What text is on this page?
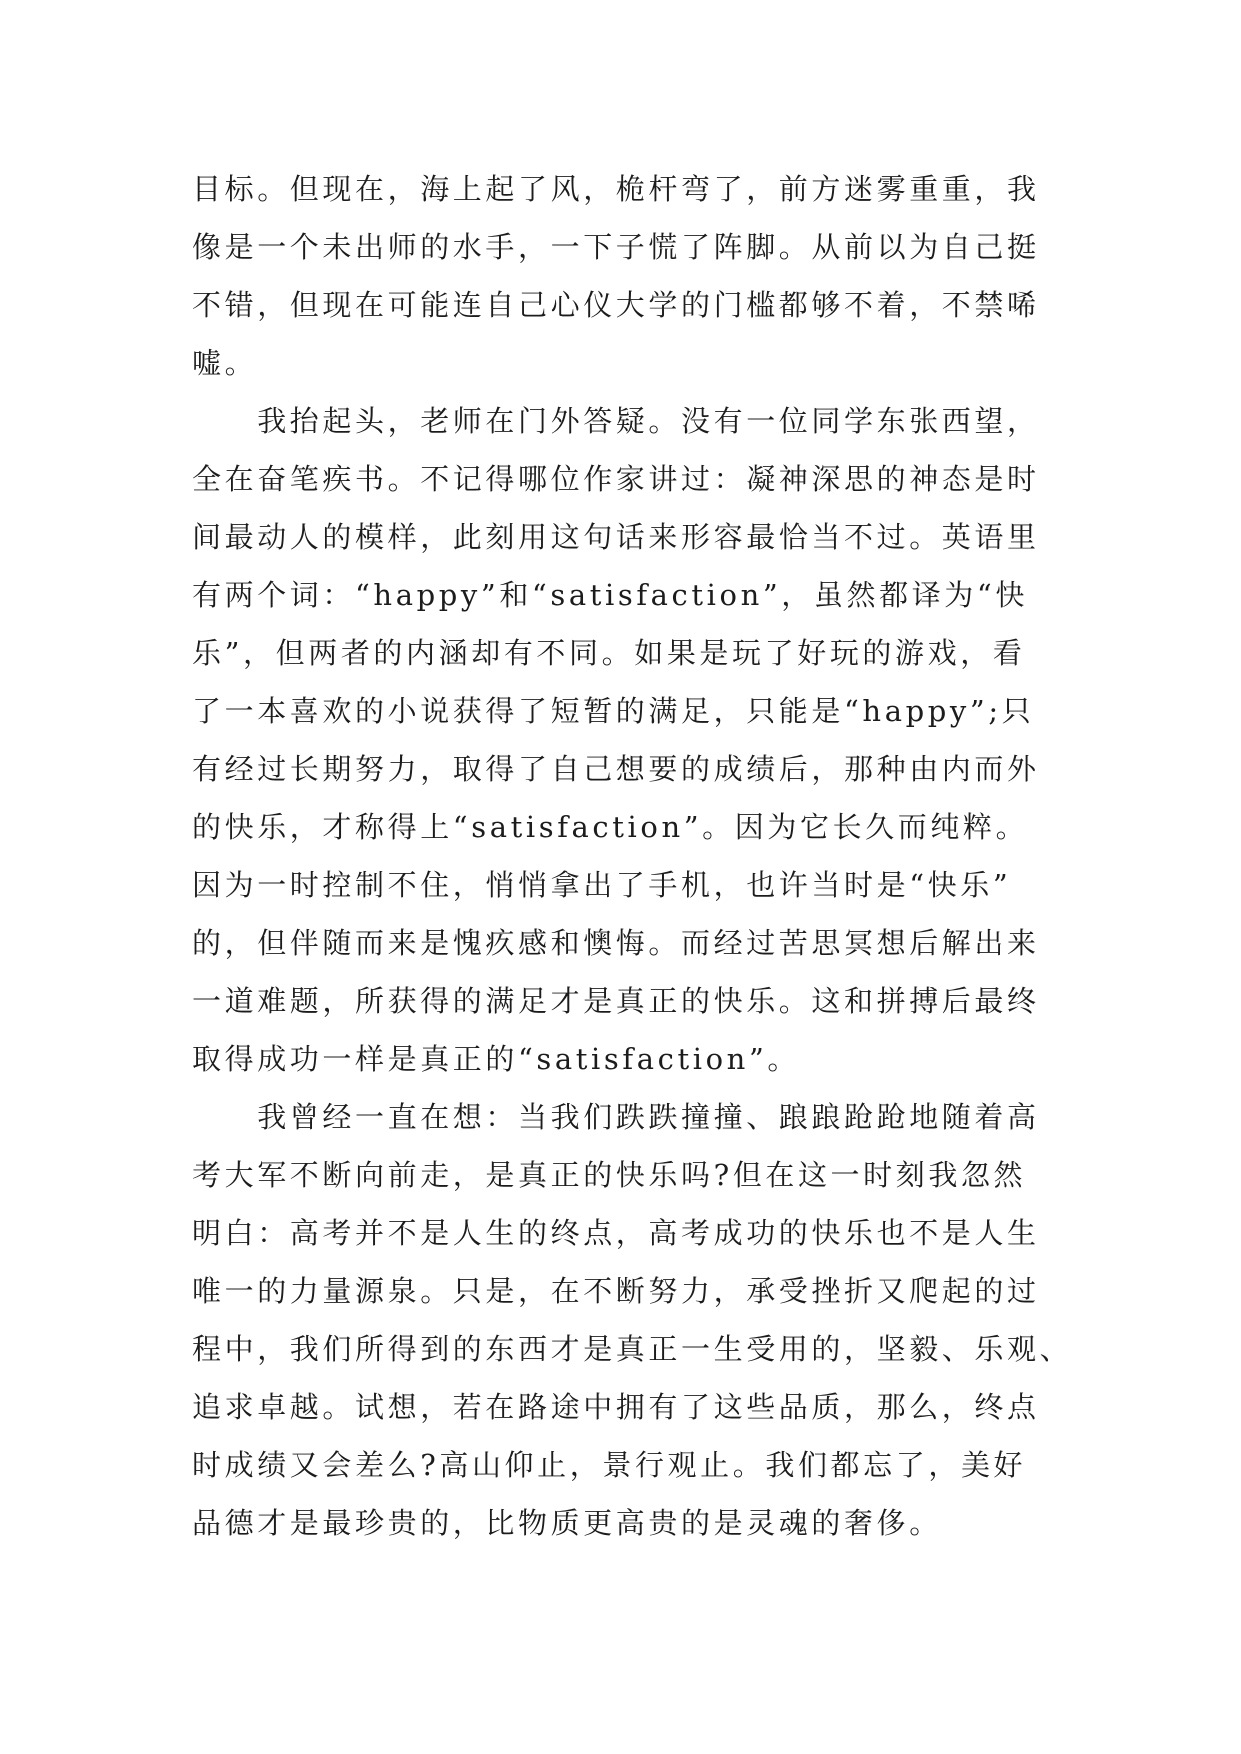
目标。但现在，海上起了风，桅杆弯了，前方迷雾重重，我
像是一个未出师的水手，一下子慌了阵脚。从前以为自己挺
不错，但现在可能连自己心仪大学的门槛都够不着，不禁唏
嘘。
　　我抬起头，老师在门外答疑。没有一位同学东张西望，
全在奋笔疾书。不记得哪位作家讲过：凝神深思的神态是时
间最动人的模样，此刻用这句话来形容最恰当不过。英语里
有两个词：“happy”和“satisfaction”，虽然都译为“快
乐”，但两者的内涵却有不同。如果是玩了好玩的游戏，看
了一本喜欢的小说获得了短暂的满足，只能是“happy”;只
有经过长期努力，取得了自己想要的成绩后，那种由内而外
的快乐，才称得上“satisfaction”。因为它长久而纯粹。
因为一时控制不住，悄悄拿出了手机，也许当时是“快乐”
的，但伴随而来是愧疚感和懊悔。而经过苦思冥想后解出来
一道难题，所获得的满足才是真正的快乐。这和拼搏后最终
取得成功一样是真正的“satisfaction”。
　　我曾经一直在想：当我们跌跌撞撞、踉踉跄跄地随着高
考大军不断向前走，是真正的快乐吗?但在这一时刻我忽然
明白：高考并不是人生的终点，高考成功的快乐也不是人生
唯一的力量源泉。只是，在不断努力，承受挫折又爬起的过
程中，我们所得到的东西才是真正一生受用的，坚毅、乐观、
追求卓越。试想，若在路途中拥有了这些品质，那么，终点
时成绩又会差么?高山仰止，景行观止。我们都忘了，美好
品德才是最珍贵的，比物质更高贵的是灵魂的奢侈。
